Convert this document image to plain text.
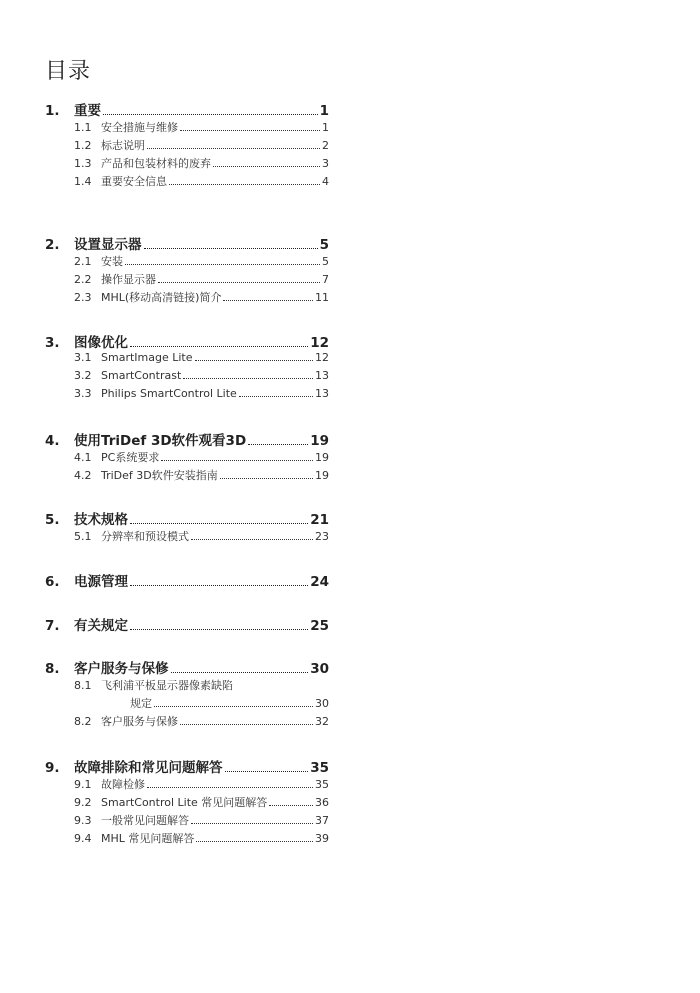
目录
1.	重要	1
1.1 安全措施与维修	1
1.2 标志说明	2
1.3 产品和包装材料的废弃	3
1.4 重要安全信息	4
2.	设置显示器	5
2.1 安装	5
2.2 操作显示器	7
2.3 MHL(移动高清链接)简介	11
3.	图像优化	12
3.1 SmartImage Lite	12
3.2 SmartContrast	13
3.3 Philips SmartControl Lite	13
4.	使用TriDef 3D软件观看3D	19
4.1 PC系统要求	19
4.2 TriDef 3D软件安装指南	19
5.	技术规格	21
5.1 分辨率和预设模式	23
6.	电源管理	24
7.	有关规定	25
8.	客户服务与保修	30
8.1 飞利浦平板显示器像素缺陷
规定	30
8.2 客户服务与保修	32
9.	故障排除和常见问题解答	35
9.1 故障检修	35
9.2 SmartControl Lite 常见问题解答	36
9.3 一般常见问题解答	37
9.4 MHL 常见问题解答	39
